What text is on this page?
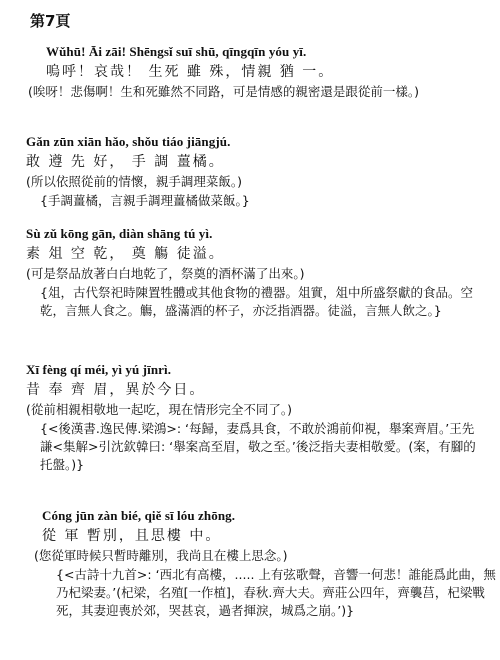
第7頁
Wǔhū! Āi zāi! Shēngsǐ suī shū, qīngqīn yóu yī.
嗚呼！哀哉！ 生死 雖 殊，情親 猶 一。
(唉呀！悲傷啊！生和死雖然不同路，可是情感的親密還是跟從前一樣。)
Gǎn zūn xiān hǎo, shǒu tiáo jiāngjú.
敢 遵 先 好， 手 調 薑橘。
(所以依照從前的情懷，親手調理菜飯。)
{手調薑橘，言親手調理薑橘做菜飯。}
Sù zǔ kōng gān, diàn shāng tú yì.
素 俎 空 乾， 奠 觴 徒溢。
(可是祭品放著白白地乾了，祭奠的酒杯滿了出來。)
{俎，古代祭祀時陳置牲體或其他食物的禮器。俎實，俎中所盛祭獻的食品。空乾，言無人食之。觴，盛滿酒的杯子，亦泛指酒器。徒溢，言無人飲之。}
Xī fèng qí méi, yì yú jīnrì.
昔 奉 齊 眉，異於今日。
(從前相親相敬地一起吃，現在情形完全不同了。)
{<後漢書.逸民傳.梁鴻>: ‘每歸，妻爲具食，不敢於鴻前仰視，舉案齊眉。’王先謙<集解>引沈欽韓曰: ‘舉案高至眉，敬之至。’後泛指夫妻相敬愛。(案，有腳的托盤。)}
Cóng jūn zàn bié, qiě sī lóu zhōng.
從 軍 暫別，且思樓 中。
(您從軍時候只暫時離別，我尚且在樓上思念。)
{<古詩十九首>: ‘西北有高樓，..... 上有弦歌聲，音響一何悲！誰能爲此曲，無乃杞梁妻。’(杞梁，名殖[一作植]，春秋.齊大夫。齊莊公四年，齊襲莒，杞梁戰死，其妻迎喪於郊，哭甚哀，過者揮淚，城爲之崩。’)}
